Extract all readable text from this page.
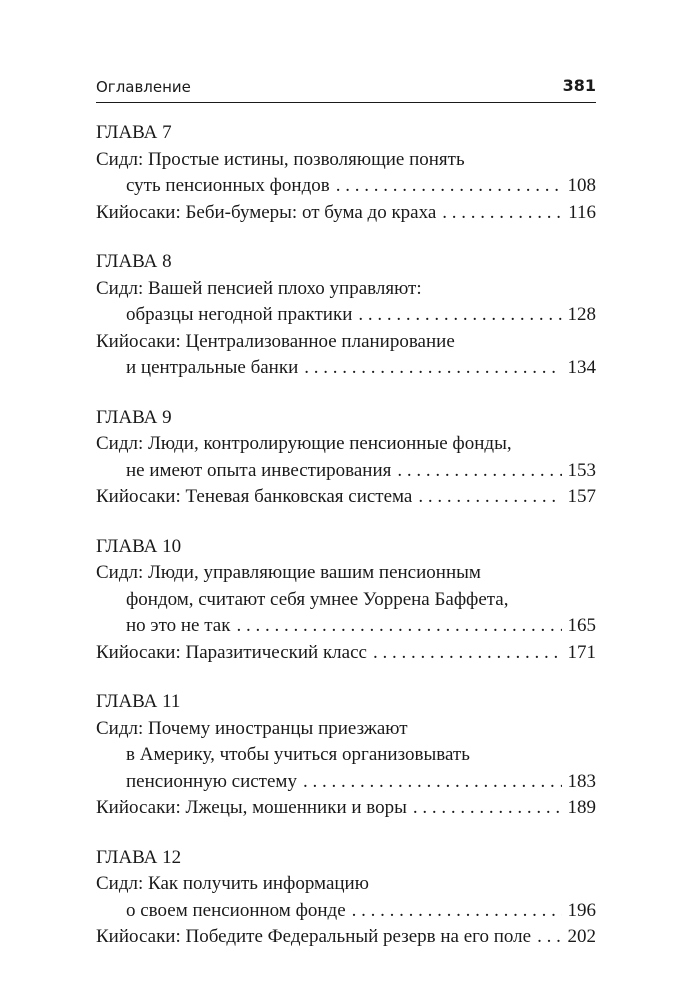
Оглавление	381
ГЛАВА 7
Сидл: Простые истины, позволяющие понять
суть пенсионных фондов . . .	108
Кийосаки: Беби-бумеры: от бума до краха . . .	116
ГЛАВА 8
Сидл: Вашей пенсией плохо управляют:
образцы негодной практики . . .	128
Кийосаки: Централизованное планирование
и центральные банки . . .	134
ГЛАВА 9
Сидл: Люди, контролирующие пенсионные фонды,
не имеют опыта инвестирования . . .	153
Кийосаки: Теневая банковская система . . .	157
ГЛАВА 10
Сидл: Люди, управляющие вашим пенсионным
фондом, считают себя умнее Уоррена Баффета,
но это не так . . .	165
Кийосаки: Паразитический класс . . .	171
ГЛАВА 11
Сидл: Почему иностранцы приезжают
в Америку, чтобы учиться организовывать
пенсионную систему . . .	183
Кийосаки: Лжецы, мошенники и воры . . .	189
ГЛАВА 12
Сидл: Как получить информацию
о своем пенсионном фонде . . .	196
Кийосаки: Победите Федеральный резерв на его поле . . . 202
